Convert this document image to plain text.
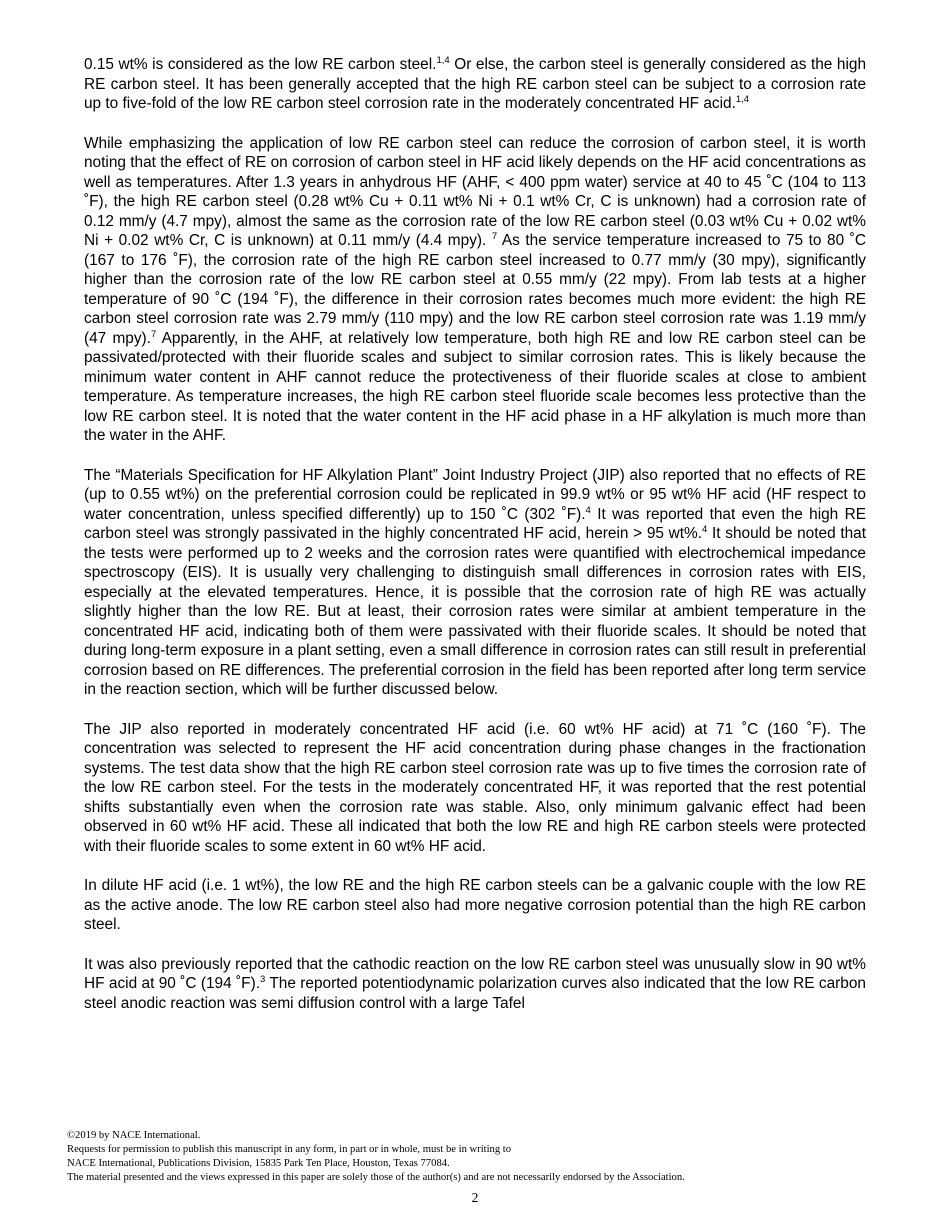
0.15 wt% is considered as the low RE carbon steel.$^{1,4}$ Or else, the carbon steel is generally considered as the high RE carbon steel. It has been generally accepted that the high RE carbon steel can be subject to a corrosion rate up to five-fold of the low RE carbon steel corrosion rate in the moderately concentrated HF acid.$^{1,4}$

While emphasizing the application of low RE carbon steel can reduce the corrosion of carbon steel, it is worth noting that the effect of RE on corrosion of carbon steel in HF acid likely depends on the HF acid concentrations as well as temperatures. After 1.3 years in anhydrous HF (AHF, < 400 ppm water) service at 40 to 45 ˚C (104 to 113 ˚F), the high RE carbon steel (0.28 wt% Cu + 0.11 wt% Ni + 0.1 wt% Cr, C is unknown) had a corrosion rate of 0.12 mm/y (4.7 mpy), almost the same as the corrosion rate of the low RE carbon steel (0.03 wt% Cu + 0.02 wt% Ni + 0.02 wt% Cr, C is unknown) at 0.11 mm/y (4.4 mpy). $^7$ As the service temperature increased to 75 to 80 ˚C (167 to 176 ˚F), the corrosion rate of the high RE carbon steel increased to 0.77 mm/y (30 mpy), significantly higher than the corrosion rate of the low RE carbon steel at 0.55 mm/y (22 mpy). From lab tests at a higher temperature of 90 ˚C (194 ˚F), the difference in their corrosion rates becomes much more evident: the high RE carbon steel corrosion rate was 2.79 mm/y (110 mpy) and the low RE carbon steel corrosion rate was 1.19 mm/y (47 mpy).$^7$ Apparently, in the AHF, at relatively low temperature, both high RE and low RE carbon steel can be passivated/protected with their fluoride scales and subject to similar corrosion rates. This is likely because the minimum water content in AHF cannot reduce the protectiveness of their fluoride scales at close to ambient temperature. As temperature increases, the high RE carbon steel fluoride scale becomes less protective than the low RE carbon steel. It is noted that the water content in the HF acid phase in a HF alkylation is much more than the water in the AHF.

The “Materials Specification for HF Alkylation Plant” Joint Industry Project (JIP) also reported that no effects of RE (up to 0.55 wt%) on the preferential corrosion could be replicated in 99.9 wt% or 95 wt% HF acid (HF respect to water concentration, unless specified differently) up to 150 ˚C (302 ˚F).$^4$ It was reported that even the high RE carbon steel was strongly passivated in the highly concentrated HF acid, herein > 95 wt%.$^4$ It should be noted that the tests were performed up to 2 weeks and the corrosion rates were quantified with electrochemical impedance spectroscopy (EIS). It is usually very challenging to distinguish small differences in corrosion rates with EIS, especially at the elevated temperatures. Hence, it is possible that the corrosion rate of high RE was actually slightly higher than the low RE. But at least, their corrosion rates were similar at ambient temperature in the concentrated HF acid, indicating both of them were passivated with their fluoride scales. It should be noted that during long-term exposure in a plant setting, even a small difference in corrosion rates can still result in preferential corrosion based on RE differences. The preferential corrosion in the field has been reported after long term service in the reaction section, which will be further discussed below.

The JIP also reported in moderately concentrated HF acid (i.e. 60 wt% HF acid) at 71 ˚C (160 ˚F). The concentration was selected to represent the HF acid concentration during phase changes in the fractionation systems. The test data show that the high RE carbon steel corrosion rate was up to five times the corrosion rate of the low RE carbon steel. For the tests in the moderately concentrated HF, it was reported that the rest potential shifts substantially even when the corrosion rate was stable. Also, only minimum galvanic effect had been observed in 60 wt% HF acid. These all indicated that both the low RE and high RE carbon steels were protected with their fluoride scales to some extent in 60 wt% HF acid.

In dilute HF acid (i.e. 1 wt%), the low RE and the high RE carbon steels can be a galvanic couple with the low RE as the active anode. The low RE carbon steel also had more negative corrosion potential than the high RE carbon steel.

It was also previously reported that the cathodic reaction on the low RE carbon steel was unusually slow in 90 wt% HF acid at 90 ˚C (194 ˚F).$^3$ The reported potentiodynamic polarization curves also indicated that the low RE carbon steel anodic reaction was semi diffusion control with a large Tafel

©2019 by NACE International.
Requests for permission to publish this manuscript in any form, in part or in whole, must be in writing to
NACE International, Publications Division, 15835 Park Ten Place, Houston, Texas 77084.
The material presented and the views expressed in this paper are solely those of the author(s) and are not necessarily endorsed by the Association.
2
